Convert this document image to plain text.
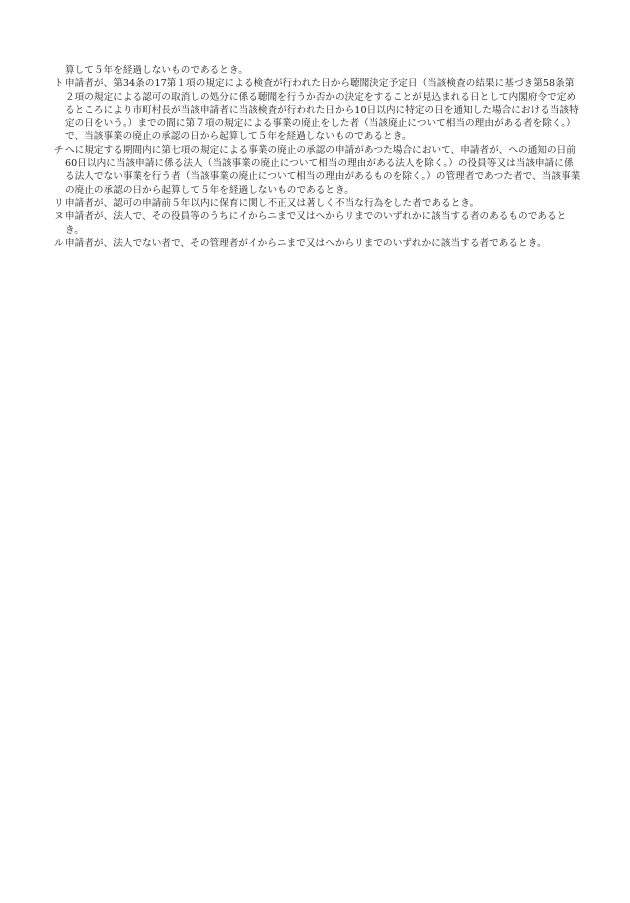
算して５年を経過しないものであるとき。
ト申請者が、第34条の17第１項の規定による検査が行われた日から聴聞決定予定日（当該検査の結果に基づき第58条第２項の規定による認可の取消しの処分に係る聴聞を行うか否かの決定をすることが見込まれる日として内閣府令で定めるところにより市町村長が当該申請者に当該検査が行われた日から10日以内に特定の日を通知した場合における当該特定の日をいう。）までの間に第７項の規定による事業の廃止をした者（当該廃止について相当の理由がある者を除く。）で、当該事業の廃止の承認の日から起算して５年を経過しないものであるとき。
チへに規定する期間内に第七項の規定による事業の廃止の承認の申請があつた場合において、申請者が、への通知の日前60日以内に当該申請に係る法人（当該事業の廃止について相当の理由がある法人を除く。）の役員等又は当該申請に係る法人でない事業を行う者（当該事業の廃止について相当の理由があるものを除く。）の管理者であつた者で、当該事業の廃止の承認の日から起算して５年を経過しないものであるとき。
リ申請者が、認可の申請前５年以内に保育に関し不正又は著しく不当な行為をした者であるとき。
ヌ申請者が、法人で、その役員等のうちにイからニまで又はへからリまでのいずれかに該当する者のあるものであるとき。
ル申請者が、法人でない者で、その管理者がイからニまで又はへからリまでのいずれかに該当する者であるとき。
